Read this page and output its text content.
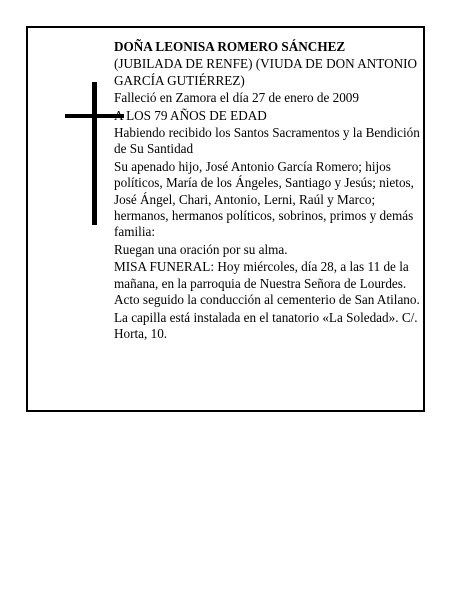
DOÑA LEONISA ROMERO SÁNCHEZ

(JUBILADA DE RENFE) (VIUDA DE DON ANTONIO GARCÍA GUTIÉRREZ)

Falleció en Zamora el día 27 de enero de 2009

A LOS 79 AÑOS DE EDAD

Habiendo recibido los Santos Sacramentos y la Bendición de Su Santidad

Su apenado hijo, José Antonio García Romero; hijos políticos, María de los Ángeles, Santiago y Jesús; nietos, José Ángel, Chari, Antonio, Lerni, Raúl y Marco; hermanos, hermanos políticos, sobrinos, primos y demás familia:

Ruegan una oración por su alma.

MISA FUNERAL: Hoy miércoles, día 28, a las 11 de la mañana, en la parroquia de Nuestra Señora de Lourdes. Acto seguido la conducción al cementerio de San Atilano.

La capilla está instalada en el tanatorio «La Soledad». C/. Horta, 10.
